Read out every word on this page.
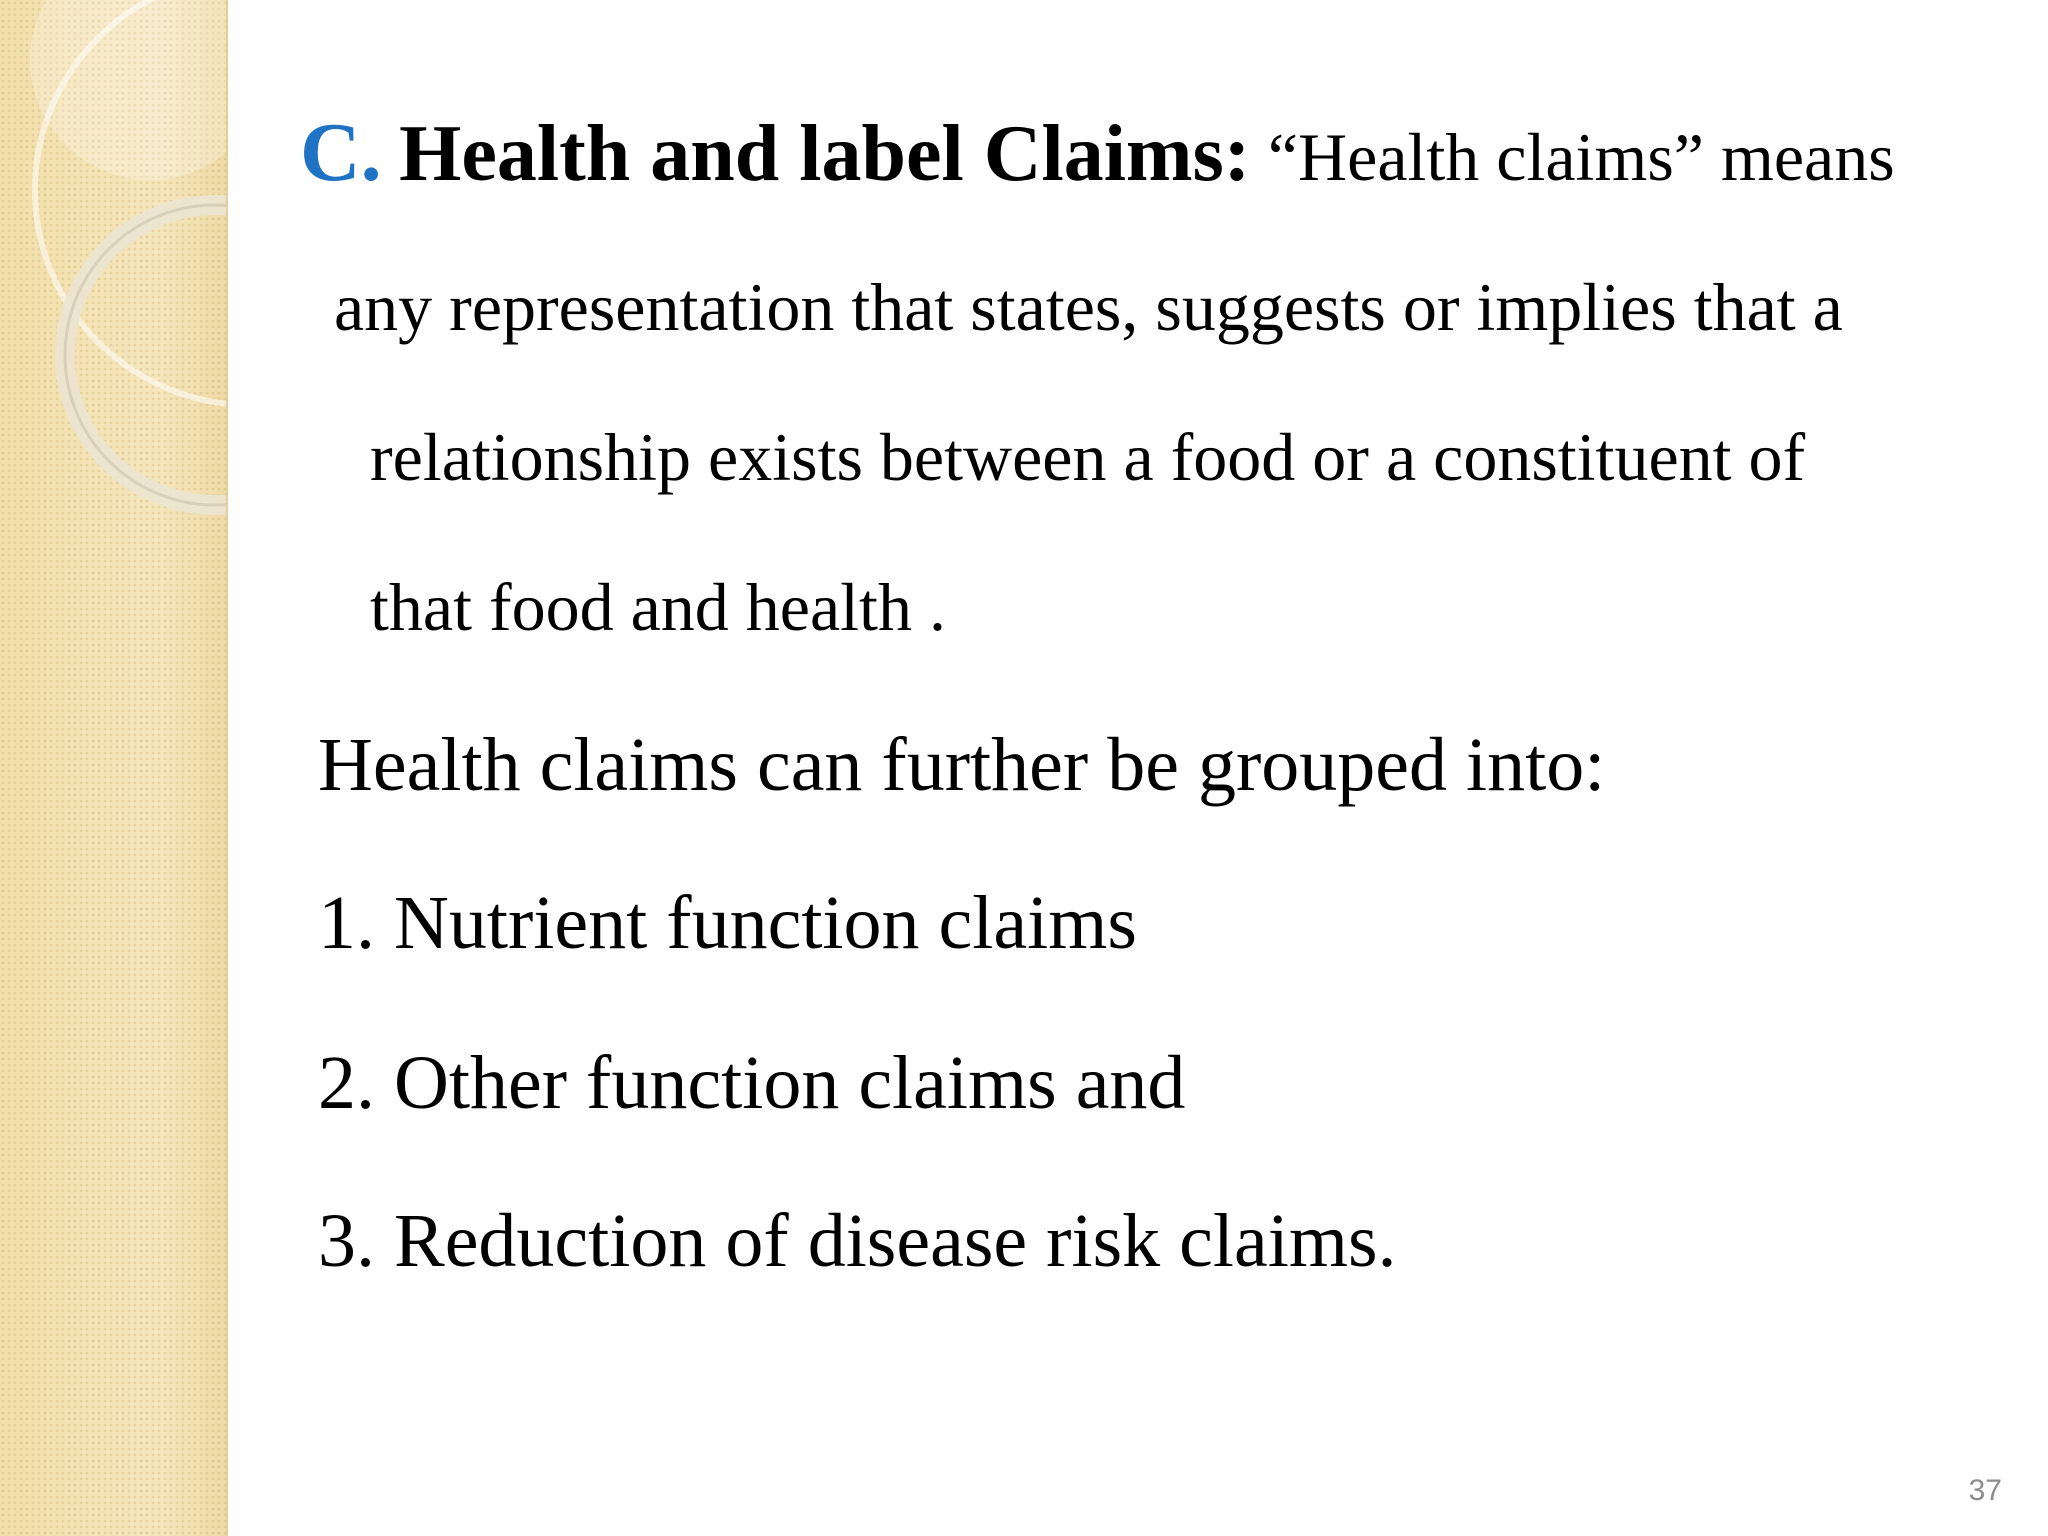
C. Health and label Claims: “Health claims” means
any representation that states, suggests or implies that a
relationship exists between a food or a constituent of
that food and health .
Health claims can further be grouped into:
1. Nutrient function claims
2. Other function claims and
3. Reduction of disease risk claims.
37
